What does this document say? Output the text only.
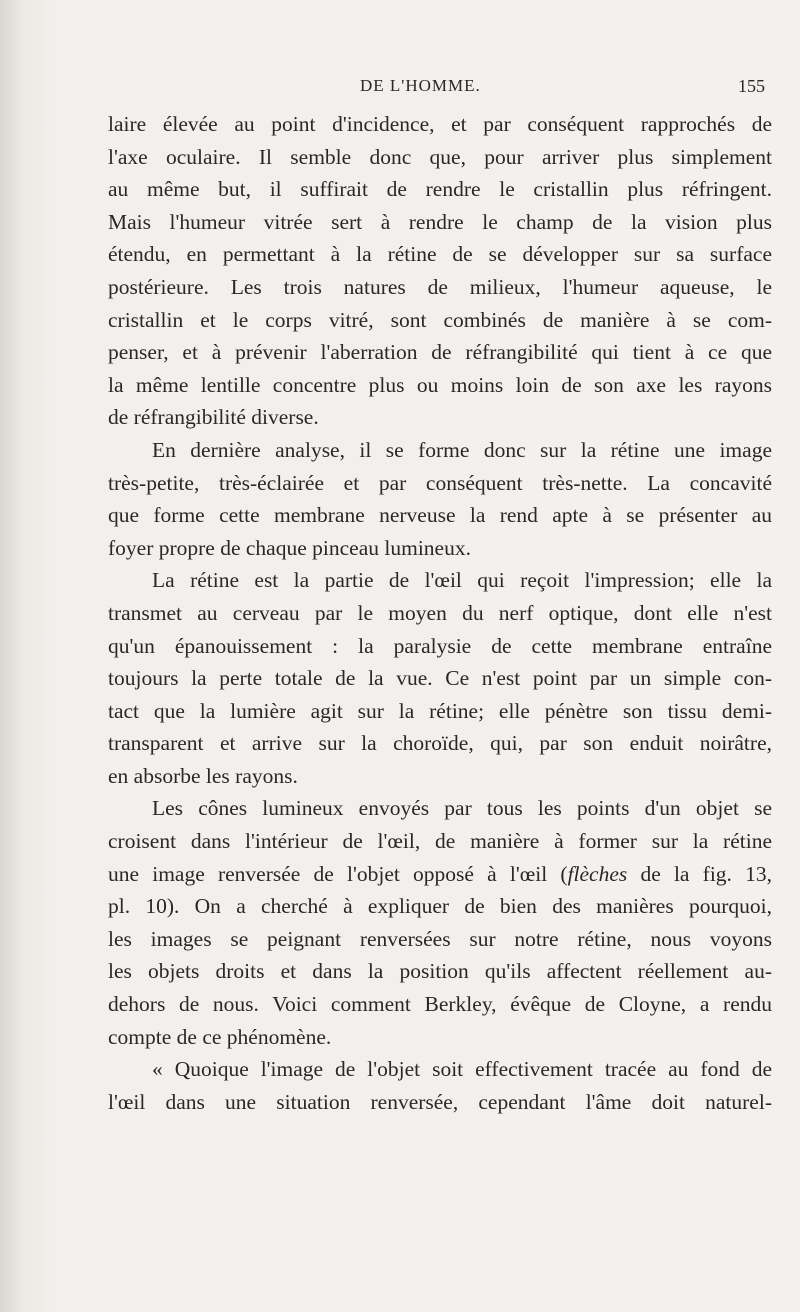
DE L'HOMME.	155
laire élevée au point d'incidence, et par conséquent rapprochés de
l'axe oculaire. Il semble donc que, pour arriver plus simplement
au même but, il suffirait de rendre le cristallin plus réfringent.
Mais l'humeur vitrée sert à rendre le champ de la vision plus
étendu, en permettant à la rétine de se développer sur sa surface
postérieure. Les trois natures de milieux, l'humeur aqueuse, le
cristallin et le corps vitré, sont combinés de manière à se com-
penser, et à prévenir l'aberration de réfrangibilité qui tient à ce que
la même lentille concentre plus ou moins loin de son axe les rayons
de réfrangibilité diverse.
En dernière analyse, il se forme donc sur la rétine une image
très-petite, très-éclairée et par conséquent très-nette. La concavité
que forme cette membrane nerveuse la rend apte à se présenter au
foyer propre de chaque pinceau lumineux.
La rétine est la partie de l'œil qui reçoit l'impression; elle la
transmet au cerveau par le moyen du nerf optique, dont elle n'est
qu'un épanouissement : la paralysie de cette membrane entraîne
toujours la perte totale de la vue. Ce n'est point par un simple con-
tact que la lumière agit sur la rétine; elle pénètre son tissu demi-
transparent et arrive sur la choroïde, qui, par son enduit noirâtre,
en absorbe les rayons.
Les cônes lumineux envoyés par tous les points d'un objet se
croisent dans l'intérieur de l'œil, de manière à former sur la rétine
une image renversée de l'objet opposé à l'œil (flèches de la fig. 13,
pl. 10). On a cherché à expliquer de bien des manières pourquoi,
les images se peignant renversées sur notre rétine, nous voyons
les objets droits et dans la position qu'ils affectent réellement au-
dehors de nous. Voici comment Berkley, évêque de Cloyne, a rendu
compte de ce phénomène.
« Quoique l'image de l'objet soit effectivement tracée au fond de
l'œil dans une situation renversée, cependant l'âme doit naturel-
